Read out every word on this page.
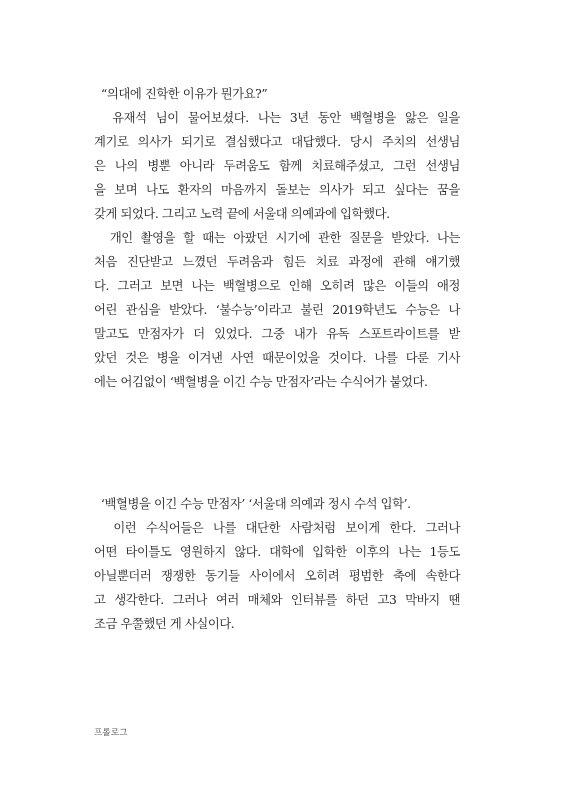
“의대에 진학한 이유가 뭔가요?”
유재석 님이 물어보셨다. 나는 3년 동안 백혈병을 앓은 일을
계기로 의사가 되기로 결심했다고 대답했다. 당시 주치의 선생님
은 나의 병뿐 아니라 두려움도 함께 치료해주셨고, 그런 선생님
을 보며 나도 환자의 마음까지 돌보는 의사가 되고 싶다는 꿈을
갖게 되었다. 그리고 노력 끝에 서울대 의예과에 입학했다.
개인 촬영을 할 때는 아팠던 시기에 관한 질문을 받았다. 나는
처음 진단받고 느꼈던 두려움과 힘든 치료 과정에 관해 얘기했
다. 그러고 보면 나는 백혈병으로 인해 오히려 많은 이들의 애정
어린 관심을 받았다. ‘불수능’이라고 불린 2019학년도 수능은 나
말고도 만점자가 더 있었다. 그중 내가 유독 스포트라이트를 받
았던 것은 병을 이겨낸 사연 때문이었을 것이다. 나를 다룬 기사
에는 어김없이 ‘백혈병을 이긴 수능 만점자’라는 수식어가 붙었다.
‘백혈병을 이긴 수능 만점자’ ‘서울대 의예과 정시 수석 입학’.
이런 수식어들은 나를 대단한 사람처럼 보이게 한다. 그러나
어떤 타이틀도 영원하지 않다. 대학에 입학한 이후의 나는 1등도
아닐뿐더러 쟁쟁한 동기들 사이에서 오히려 평범한 축에 속한다
고 생각한다. 그러나 여러 매체와 인터뷰를 하던 고3 막바지 땐
조금 우쭐했던 게 사실이다.
프롤로그
